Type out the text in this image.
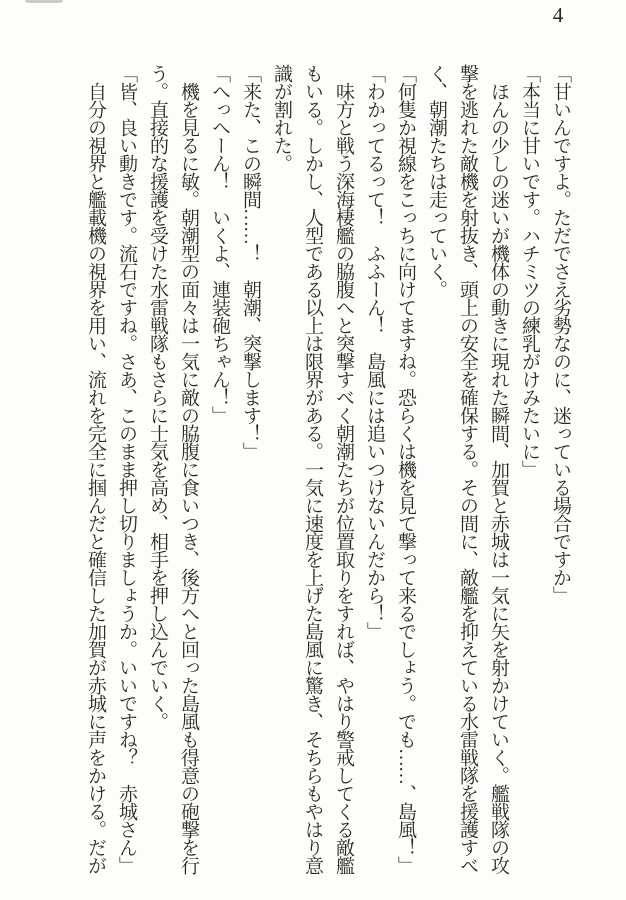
4
「甘いんですよ。ただでさえ劣勢なのに、迷っている場合ですか」
「本当に甘いです。ハチミツの練乳がけみたいに」
　ほんの少しの迷いが機体の動きに現れた瞬間、加賀と赤城は一気に矢を射かけていく。艦戦隊の攻
撃を逃れた敵機を射抜き、頭上の安全を確保する。その間に、敵艦を抑えている水雷戦隊を援護すべ
く、朝潮たちは走っていく。
「何隻か視線をこっちに向けてますね。恐らくは機を見て撃って来るでしょう。でも……、島風！」
「わかってるって！　ふふーん！　島風には追いつけないんだから！」
　味方と戦う深海棲艦の脇腹へと突撃すべく朝潮たちが位置取りをすれば、やはり警戒してくる敵艦
もいる。しかし、人型である以上は限界がある。一気に速度を上げた島風に驚き、そちらもやはり意
識が割れた。
「来た、この瞬間……！　朝潮、突撃します！」
「へっへーん！　いくよ、連装砲ちゃん！」
　機を見るに敏。朝潮型の面々は一気に敵の脇腹に食いつき、後方へと回った島風も得意の砲撃を行
う。直接的な援護を受けた水雷戦隊もさらに士気を高め、相手を押し込んでいく。
「皆、良い動きです。流石ですね。さあ、このまま押し切りましょうか。いいですね？　赤城さん」
　自分の視界と艦載機の視界を用い、流れを完全に掴んだと確信した加賀が赤城に声をかける。だが
